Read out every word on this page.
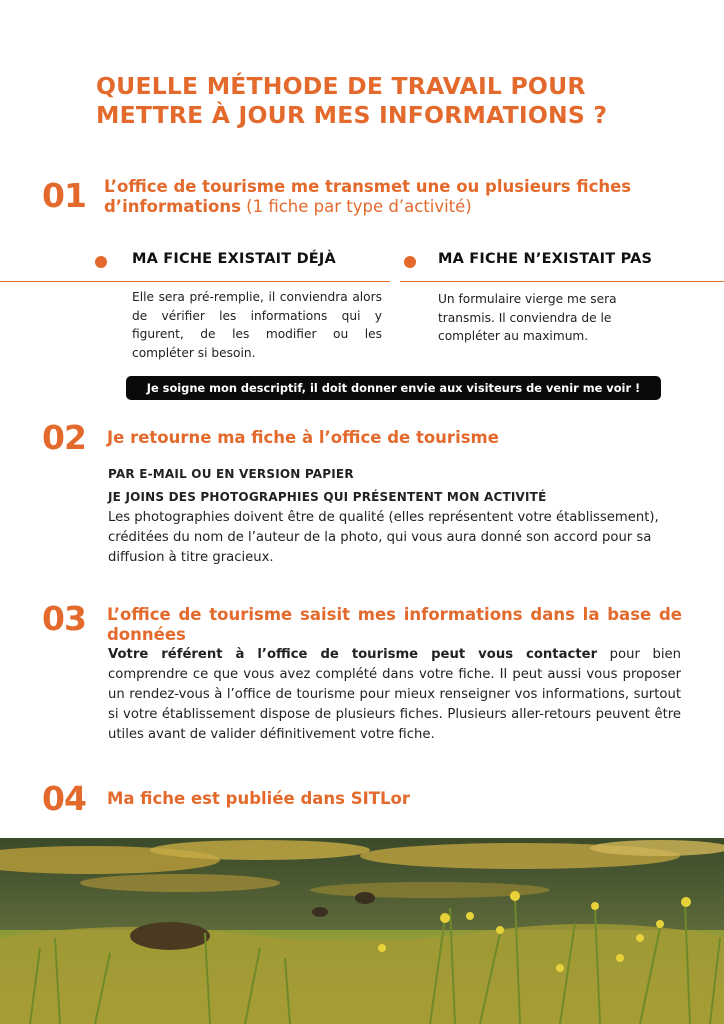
QUELLE MÉTHODE DE TRAVAIL POUR METTRE À JOUR MES INFORMATIONS ?
01 L’office de tourisme me transmet une ou plusieurs fiches d’informations (1 fiche par type d’activité)
MA FICHE EXISTAIT DÉJÀ
Elle sera pré-remplie, il conviendra alors de vérifier les informations qui y figurent, de les modifier ou les compléter si besoin.
MA FICHE N’EXISTAIT PAS
Un formulaire vierge me sera transmis. Il conviendra de le compléter au maximum.
Je soigne mon descriptif, il doit donner envie aux visiteurs de venir me voir !
02 Je retourne ma fiche à l’office de tourisme
PAR E-MAIL OU EN VERSION PAPIER
JE JOINS DES PHOTOGRAPHIES QUI PRÉSENTENT MON ACTIVITÉ
Les photographies doivent être de qualité (elles représentent votre établissement), créditées du nom de l’auteur de la photo, qui vous aura donné son accord pour sa diffusion à titre gracieux.
03 L’office de tourisme saisit mes informations dans la base de données
Votre référent à l’office de tourisme peut vous contacter pour bien comprendre ce que vous avez complété dans votre fiche. Il peut aussi vous proposer un rendez-vous à l’office de tourisme pour mieux renseigner vos informations, surtout si votre établissement dispose de plusieurs fiches. Plusieurs aller-retours peuvent être utiles avant de valider définitivement votre fiche.
04 Ma fiche est publiée dans SITLor
